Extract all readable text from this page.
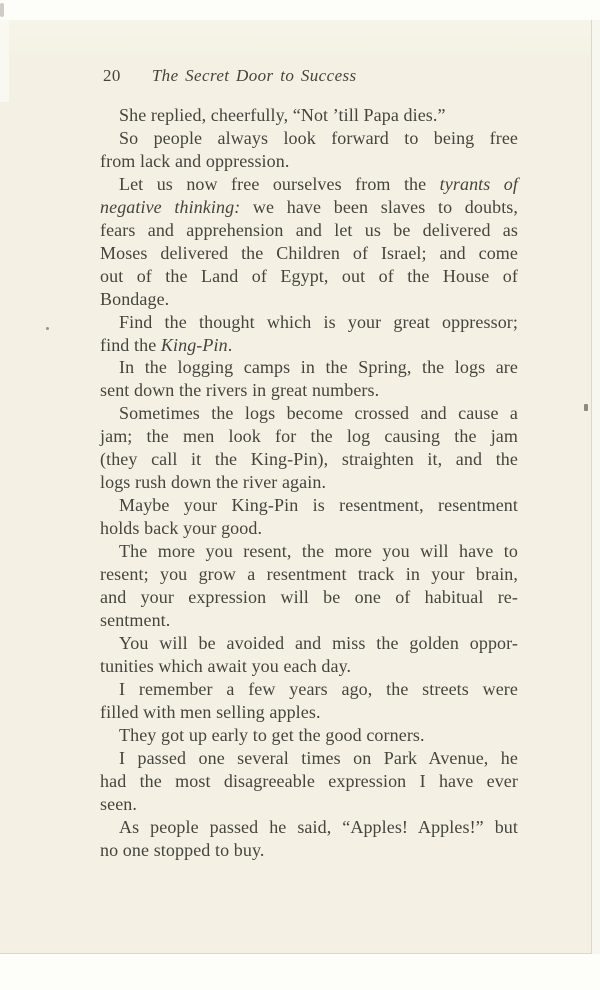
20 The Secret Door to Success
She replied, cheerfully, “Not ’till Papa dies.”
So people always look forward to being free
from lack and oppression.
Let us now free ourselves from the tyrants of
negative thinking: we have been slaves to doubts,
fears and apprehension and let us be delivered as
Moses delivered the Children of Israel; and come
out of the Land of Egypt, out of the House of
Bondage.
Find the thought which is your great oppressor;
find the King-Pin.
In the logging camps in the Spring, the logs are
sent down the rivers in great numbers.
Sometimes the logs become crossed and cause a
jam; the men look for the log causing the jam
(they call it the King-Pin), straighten it, and the
logs rush down the river again.
Maybe your King-Pin is resentment, resentment
holds back your good.
The more you resent, the more you will have to
resent; you grow a resentment track in your brain,
and your expression will be one of habitual re-
sentment.
You will be avoided and miss the golden oppor-
tunities which await you each day.
I remember a few years ago, the streets were
filled with men selling apples.
They got up early to get the good corners.
I passed one several times on Park Avenue, he
had the most disagreeable expression I have ever
seen.
As people passed he said, “Apples! Apples!” but
no one stopped to buy.
